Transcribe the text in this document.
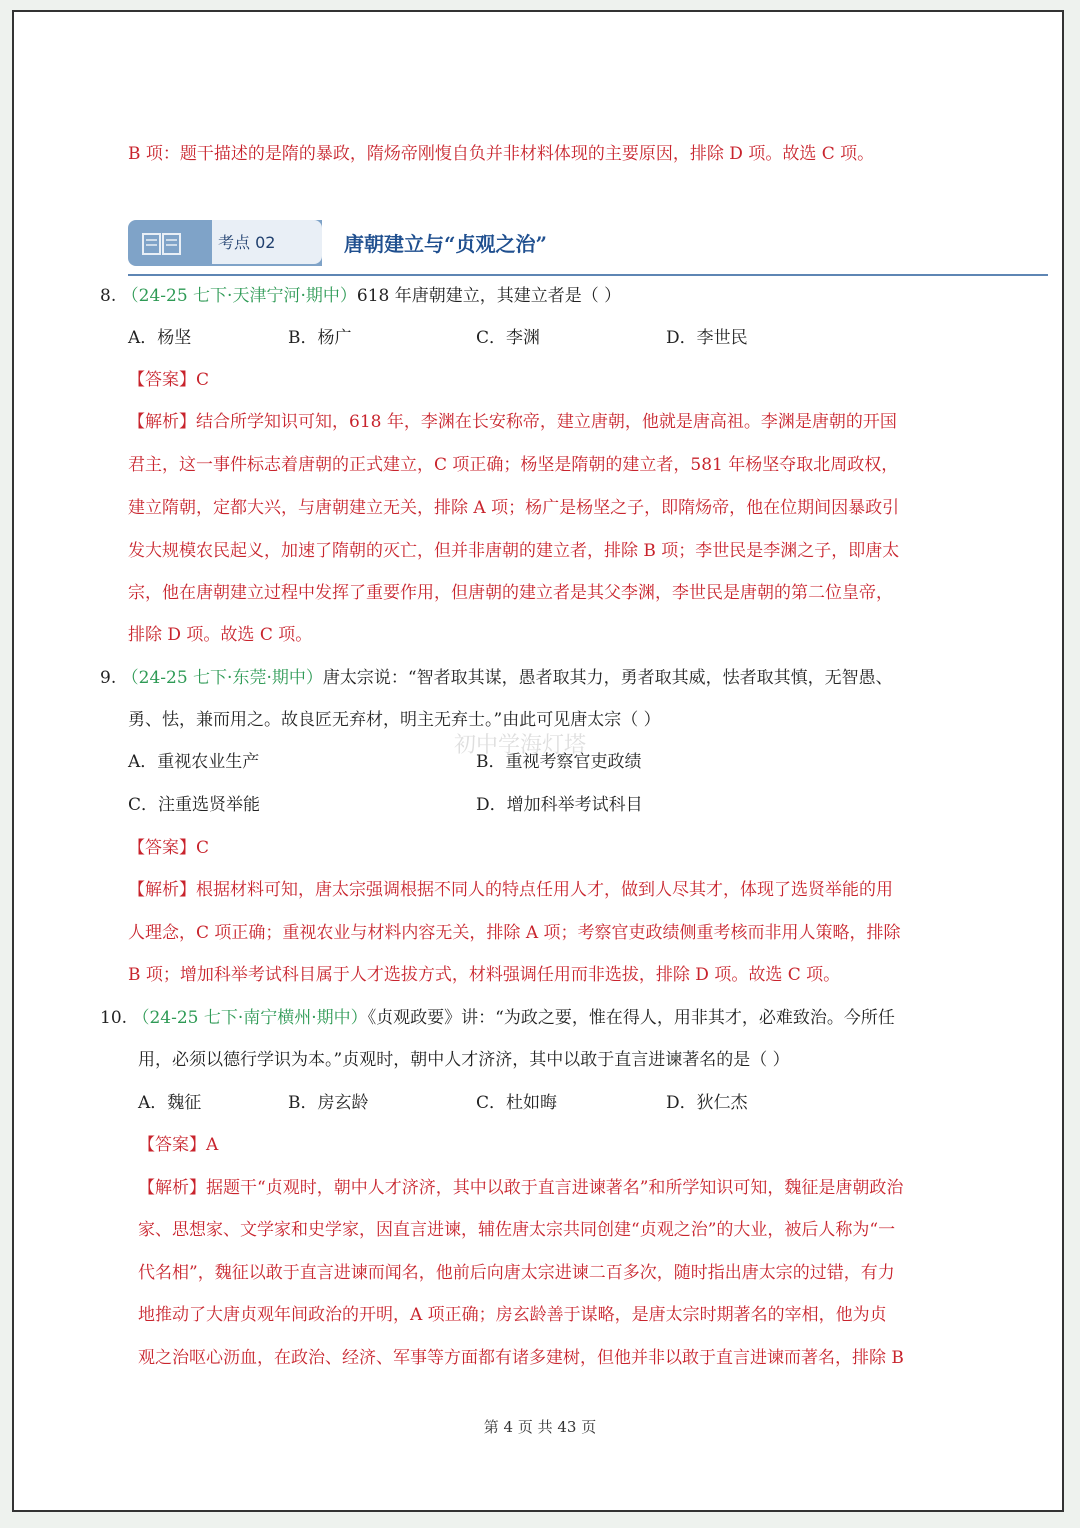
B 项：题干描述的是隋的暴政，隋炀帝刚愎自负并非材料体现的主要原因，排除 D 项。故选 C 项。
考点 02	唐朝建立与“贞观之治”
8. （24-25 七下·天津宁河·期中）618 年唐朝建立，其建立者是（ ）
A．杨坚	B．杨广	C．李渊	D．李世民
【答案】C
【解析】结合所学知识可知，618 年，李渊在长安称帝，建立唐朝，他就是唐高祖。李渊是唐朝的开国
君主，这一事件标志着唐朝的正式建立，C 项正确；杨坚是隋朝的建立者，581 年杨坚夺取北周政权，
建立隋朝，定都大兴，与唐朝建立无关，排除 A 项；杨广是杨坚之子，即隋炀帝，他在位期间因暴政引
发大规模农民起义，加速了隋朝的灭亡，但并非唐朝的建立者，排除 B 项；李世民是李渊之子，即唐太
宗，他在唐朝建立过程中发挥了重要作用，但唐朝的建立者是其父李渊，李世民是唐朝的第二位皇帝，
排除 D 项。故选 C 项。
9. （24-25 七下·东莞·期中）唐太宗说：“智者取其谋，愚者取其力，勇者取其威，怯者取其慎，无智愚、
勇、怯，兼而用之。故良匠无弃材，明主无弃士。”由此可见唐太宗（ ）
初中学海灯塔
A．重视农业生产	B．重视考察官吏政绩
C．注重选贤举能	D．增加科举考试科目
【答案】C
【解析】根据材料可知，唐太宗强调根据不同人的特点任用人才，做到人尽其才，体现了选贤举能的用
人理念，C 项正确；重视农业与材料内容无关，排除 A 项；考察官吏政绩侧重考核而非用人策略，排除
B 项；增加科举考试科目属于人才选拔方式，材料强调任用而非选拔，排除 D 项。故选 C 项。
10. （24-25 七下·南宁横州·期中）《贞观政要》讲：“为政之要，惟在得人，用非其才，必难致治。今所任
用，必须以德行学识为本。”贞观时，朝中人才济济，其中以敢于直言进谏著名的是（ ）
A．魏征	B．房玄龄	C．杜如晦	D．狄仁杰
【答案】A
【解析】据题干“贞观时，朝中人才济济，其中以敢于直言进谏著名”和所学知识可知，魏征是唐朝政治
家、思想家、文学家和史学家，因直言进谏，辅佐唐太宗共同创建“贞观之治”的大业，被后人称为“一
代名相”，魏征以敢于直言进谏而闻名，他前后向唐太宗进谏二百多次，随时指出唐太宗的过错，有力
地推动了大唐贞观年间政治的开明，A 项正确；房玄龄善于谋略，是唐太宗时期著名的宰相，他为贞
观之治呕心沥血，在政治、经济、军事等方面都有诸多建树，但他并非以敢于直言进谏而著名，排除 B
第 4 页 共 43 页
